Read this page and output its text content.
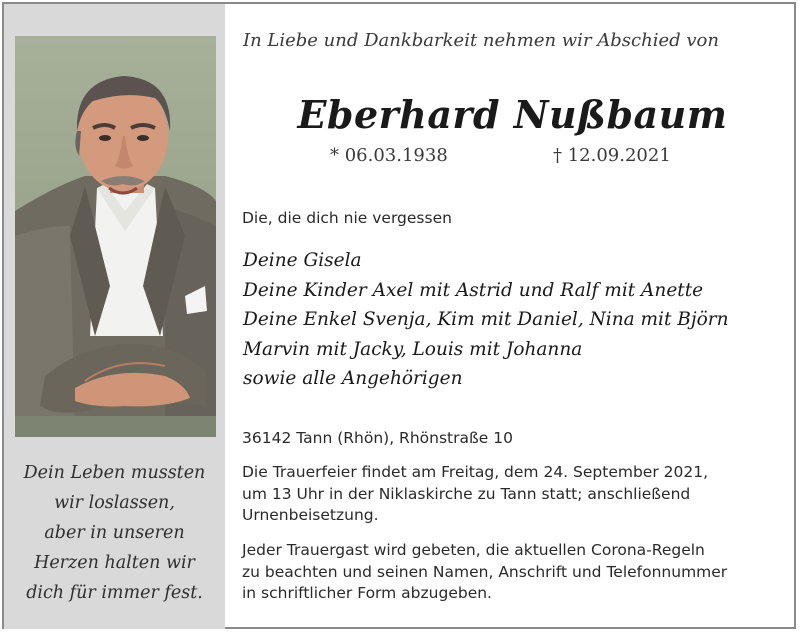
Dein Leben mussten
wir loslassen,
aber in unseren
Herzen halten wir
dich für immer fest.
In Liebe und Dankbarkeit nehmen wir Abschied von
Eberhard Nußbaum
* 06.03.1938	† 12.09.2021
Die, die dich nie vergessen
Deine Gisela
Deine Kinder Axel mit Astrid und Ralf mit Anette
Deine Enkel Svenja, Kim mit Daniel, Nina mit Björn
Marvin mit Jacky, Louis mit Johanna
sowie alle Angehörigen
36142 Tann (Rhön), Rhönstraße 10
Die Trauerfeier findet am Freitag, dem 24. September 2021,
um 13 Uhr in der Niklaskirche zu Tann statt; anschließend
Urnenbeisetzung.
Jeder Trauergast wird gebeten, die aktuellen Corona-Regeln
zu beachten und seinen Namen, Anschrift und Telefonnummer
in schriftlicher Form abzugeben.
